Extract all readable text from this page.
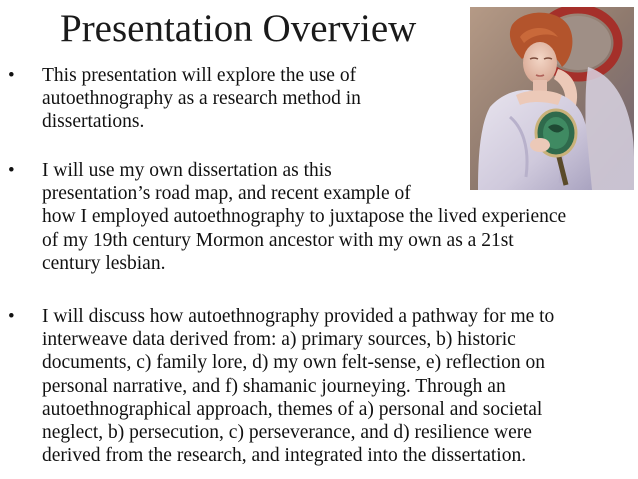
Presentation Overview
• This presentation will explore the use of
autoethnography as a research method in
dissertations.
• I will use my own dissertation as this
presentation’s road map, and recent example of
how I employed autoethnography to juxtapose the lived experience
of my 19th century Mormon ancestor with my own as a 21st
century lesbian.
• I will discuss how autoethnography provided a pathway for me to
interweave data derived from: a) primary sources, b) historic
documents, c) family lore, d) my own felt-sense, e) reflection on
personal narrative, and f) shamanic journeying. Through an
autoethnographical approach, themes of a) personal and societal
neglect, b) persecution, c) perseverance, and d) resilience were
derived from the research, and integrated into the dissertation.
